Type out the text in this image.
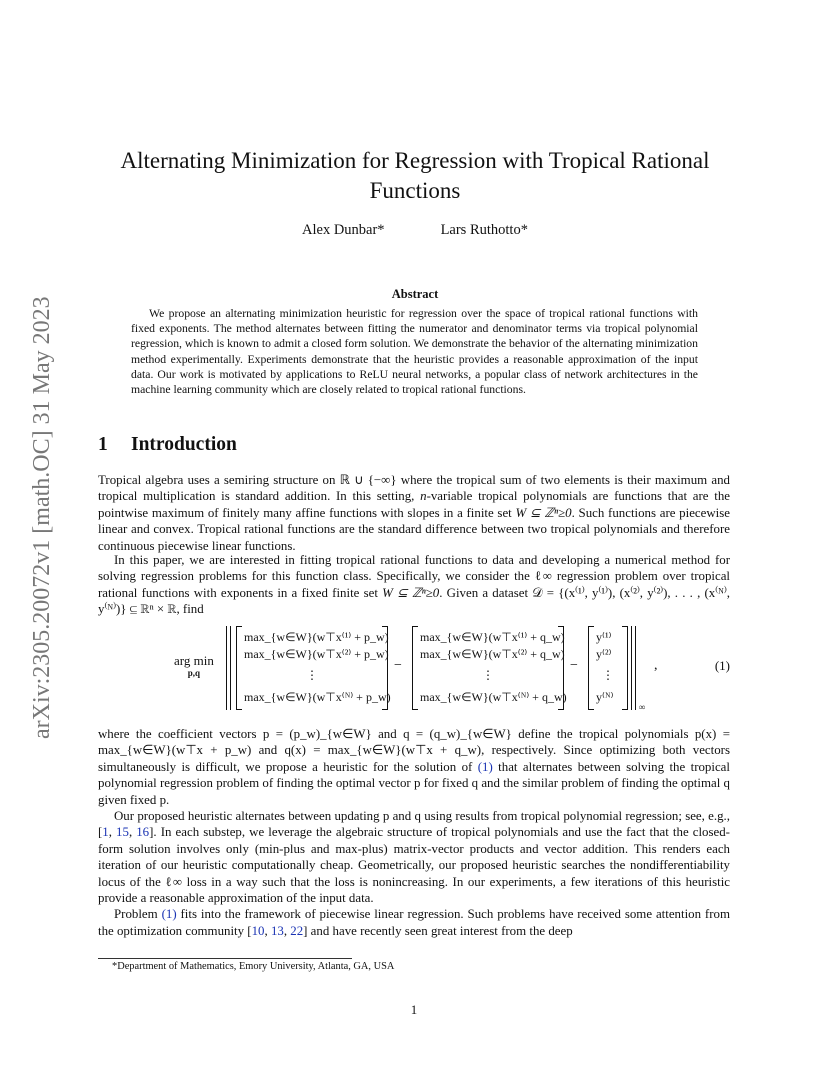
arXiv:2305.20072v1 [math.OC] 31 May 2023
Alternating Minimization for Regression with Tropical Rational Functions
Alex Dunbar*	Lars Ruthotto*
Abstract
We propose an alternating minimization heuristic for regression over the space of tropical rational functions with fixed exponents. The method alternates between fitting the numerator and denominator terms via tropical polynomial regression, which is known to admit a closed form solution. We demonstrate the behavior of the alternating minimization method experimentally. Experiments demonstrate that the heuristic provides a reasonable approximation of the input data. Our work is motivated by applications to ReLU neural networks, a popular class of network architectures in the machine learning community which are closely related to tropical rational functions.
1 Introduction

Tropical algebra uses a semiring structure on ℝ ∪ {−∞} where the tropical sum of two elements is their maximum and tropical multiplication is standard addition. In this setting, n-variable tropical polynomials are functions that are the pointwise maximum of finitely many affine functions with slopes in a finite set W ⊆ ℤⁿ≥0. Such functions are piecewise linear and convex. Tropical rational functions are the standard difference between two tropical polynomials and therefore continuous piecewise linear functions.

In this paper, we are interested in fitting tropical rational functions to data and developing a numerical method for solving regression problems for this function class. Specifically, we consider the ℓ∞ regression problem over tropical rational functions with exponents in a fixed finite set W ⊆ ℤⁿ≥0. Given a dataset 𝒟 = {(x⁽¹⁾, y⁽¹⁾), (x⁽²⁾, y⁽²⁾), . . . , (x⁽ᴺ⁾, y⁽ᴺ⁾)} ⊆ ℝⁿ × ℝ, find

arg min
p,q
max_{w∈W}(w⊤x⁽¹⁾ + p_w)
max_{w∈W}(w⊤x⁽²⁾ + p_w)
⋮
max_{w∈W}(w⊤x⁽ᴺ⁾ + p_w)
−
max_{w∈W}(w⊤x⁽¹⁾ + q_w)
max_{w∈W}(w⊤x⁽²⁾ + q_w)
⋮
max_{w∈W}(w⊤x⁽ᴺ⁾ + q_w)
−
y⁽¹⁾
y⁽²⁾
⋮
y⁽ᴺ⁾
∞
,	(1)

where the coefficient vectors p = (p_w)_{w∈W} and q = (q_w)_{w∈W} define the tropical polynomials p(x) = max_{w∈W}(w⊤x + p_w) and q(x) = max_{w∈W}(w⊤x + q_w), respectively. Since optimizing both vectors simultaneously is difficult, we propose a heuristic for the solution of (1) that alternates between solving the tropical polynomial regression problem of finding the optimal vector p for fixed q and the similar problem of finding the optimal q given fixed p.

Our proposed heuristic alternates between updating p and q using results from tropical polynomial regression; see, e.g., [1, 15, 16]. In each substep, we leverage the algebraic structure of tropical polynomials and use the fact that the closed-form solution involves only (min-plus and max-plus) matrix-vector products and vector addition. This renders each iteration of our heuristic computationally cheap. Geometrically, our proposed heuristic searches the nondifferentiability locus of the ℓ∞ loss in a way such that the loss is nonincreasing. In our experiments, a few iterations of this heuristic provide a reasonable approximation of the input data.

Problem (1) fits into the framework of piecewise linear regression. Such problems have received some attention from the optimization community [10, 13, 22] and have recently seen great interest from the deep

*Department of Mathematics, Emory University, Atlanta, GA, USA
1
